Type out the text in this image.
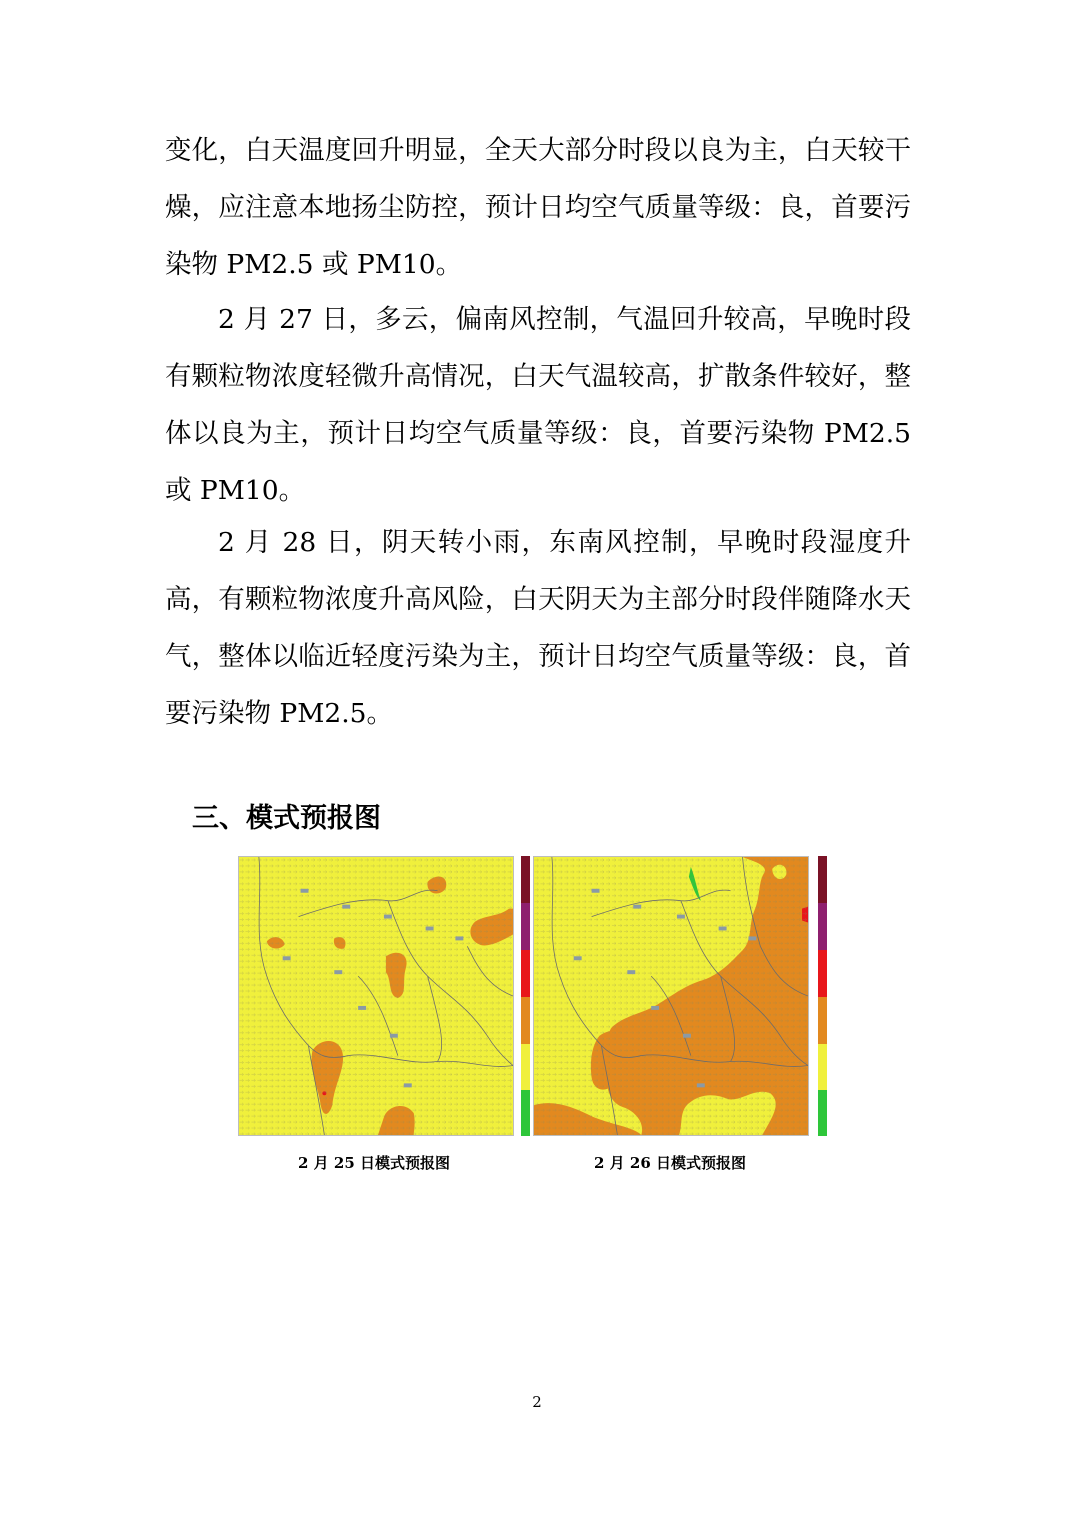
变化，白天温度回升明显，全天大部分时段以良为主，白天较干燥，应注意本地扬尘防控，预计日均空气质量等级：良，首要污染物 PM2.5 或 PM10。

2 月 27 日，多云，偏南风控制，气温回升较高，早晚时段有颗粒物浓度轻微升高情况，白天气温较高，扩散条件较好，整体以良为主，预计日均空气质量等级：良，首要污染物 PM2.5 或 PM10。

2 月 28 日，阴天转小雨，东南风控制，早晚时段湿度升高，有颗粒物浓度升高风险，白天阴天为主部分时段伴随降水天气，整体以临近轻度污染为主，预计日均空气质量等级：良，首要污染物 PM2.5。

三、模式预报图

2 月 25 日模式预报图	2 月 26 日模式预报图

2
